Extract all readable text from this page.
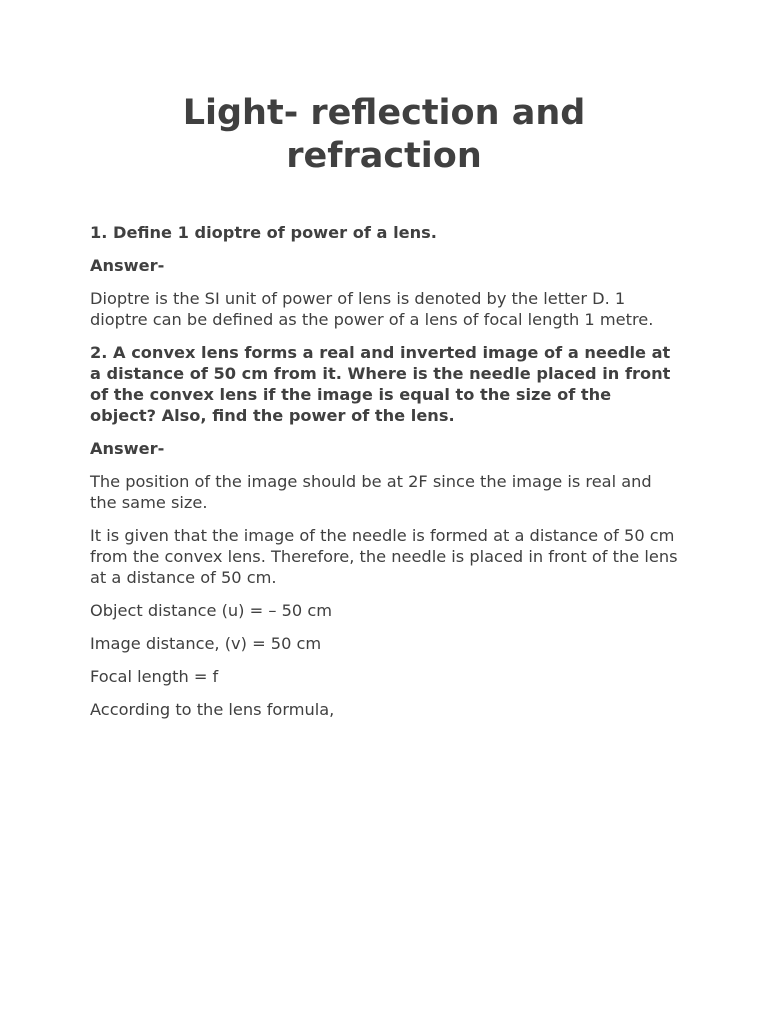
Light- reflection and refraction

1. Define 1 dioptre of power of a lens.

Answer-

Dioptre is the SI unit of power of lens is denoted by the letter D. 1 dioptre can be defined as the power of a lens of focal length 1 metre.

2. A convex lens forms a real and inverted image of a needle at a distance of 50 cm from it. Where is the needle placed in front of the convex lens if the image is equal to the size of the object? Also, find the power of the lens.

Answer-

The position of the image should be at 2F since the image is real and the same size.

It is given that the image of the needle is formed at a distance of 50 cm from the convex lens. Therefore, the needle is placed in front of the lens at a distance of 50 cm.

Object distance (u) = – 50 cm

Image distance, (v) = 50 cm

Focal length = f

According to the lens formula,
